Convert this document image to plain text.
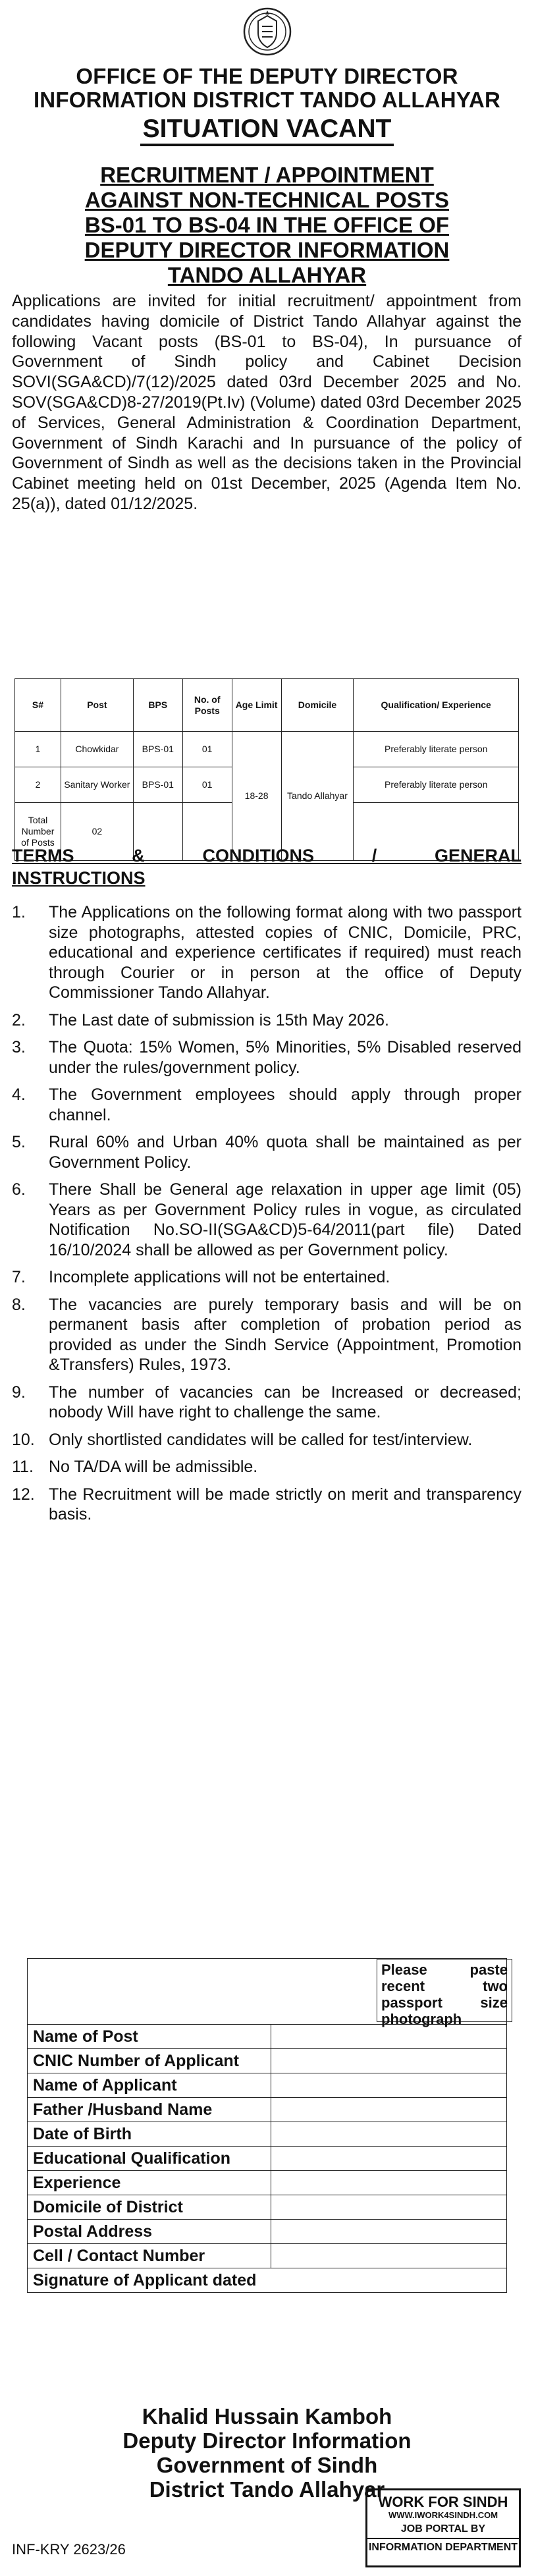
OFFICE OF THE DEPUTY DIRECTOR
INFORMATION DISTRICT TANDO ALLAHYAR
SITUATION VACANT
RECRUITMENT / APPOINTMENT
AGAINST NON-TECHNICAL POSTS
BS-01 TO BS-04 IN THE OFFICE OF
DEPUTY DIRECTOR INFORMATION
TANDO ALLAHYAR

Applications are invited for initial recruitment/ appointment from candidates having domicile of District Tando Allahyar against the following Vacant posts (BS-01 to BS-04), In pursuance of Government of Sindh policy and Cabinet Decision SOVI(SGA&CD)/7(12)/2025 dated 03rd December 2025 and No. SOV(SGA&CD)8-27/2019(Pt.Iv) (Volume) dated 03rd December 2025 of Services, General Administration & Coordination Department, Government of Sindh Karachi and In pursuance of the policy of Government of Sindh as well as the decisions taken in the Provincial Cabinet meeting held on 01st December, 2025 (Agenda Item No. 25(a)), dated 01/12/2025.

S#	Post	BPS	No. of Posts	Age Limit	Domicile	Qualification/ Experience
1	Chowkidar	BPS-01	01	18-28	Tando Allahyar	Preferably literate person
2	Sanitary Worker	BPS-01	01			Preferably literate person
Total Number of Posts	02					
TERMS & CONDITIONS / GENERAL
INSTRUCTIONS
1.	The Applications on the following format along with two passport size photographs, attested copies of CNIC, Domicile, PRC, educational and experience certificates if required) must reach through Courier or in person at the office of Deputy Commissioner Tando Allahyar.
2.	The Last date of submission is 15th May 2026.
3.	The Quota: 15% Women, 5% Minorities, 5% Disabled reserved under the rules/government policy.
4.	The Government employees should apply through proper channel.
5.	Rural 60% and Urban 40% quota shall be maintained as per Government Policy.
6.	There Shall be General age relaxation in upper age limit (05) Years as per Government Policy rules in vogue, as circulated Notification No.SO-II(SGA&CD)5-64/2011(part file) Dated 16/10/2024 shall be allowed as per Government policy.
7.	Incomplete applications will not be entertained.
8.	The vacancies are purely temporary basis and will be on permanent basis after completion of probation period as provided as under the Sindh Service (Appointment, Promotion &Transfers) Rules, 1973.
9.	The number of vacancies can be Increased or decreased; nobody Will have right to challenge the same.
10. Only shortlisted candidates will be called for test/interview.
11. No TA/DA will be admissible.
12. The Recruitment will be made strictly on merit and transparency basis.
Please paste recent two passport size photograph	

Name of Post	
CNIC Number of Applicant	
Name of Applicant	
Father /Husband Name	
Date of Birth	
Educational Qualification	
Experience	
Domicile of District	
Postal Address	
Cell / Contact Number	
Signature of Applicant dated	
Khalid Hussain Kamboh
Deputy Director Information
Government of Sindh
District Tando Allahyar
INF-KRY 2623/26
WORK FOR SINDH
WWW.IWORK4SINDH.COM
JOB PORTAL BY
INFORMATION DEPARTMENT
